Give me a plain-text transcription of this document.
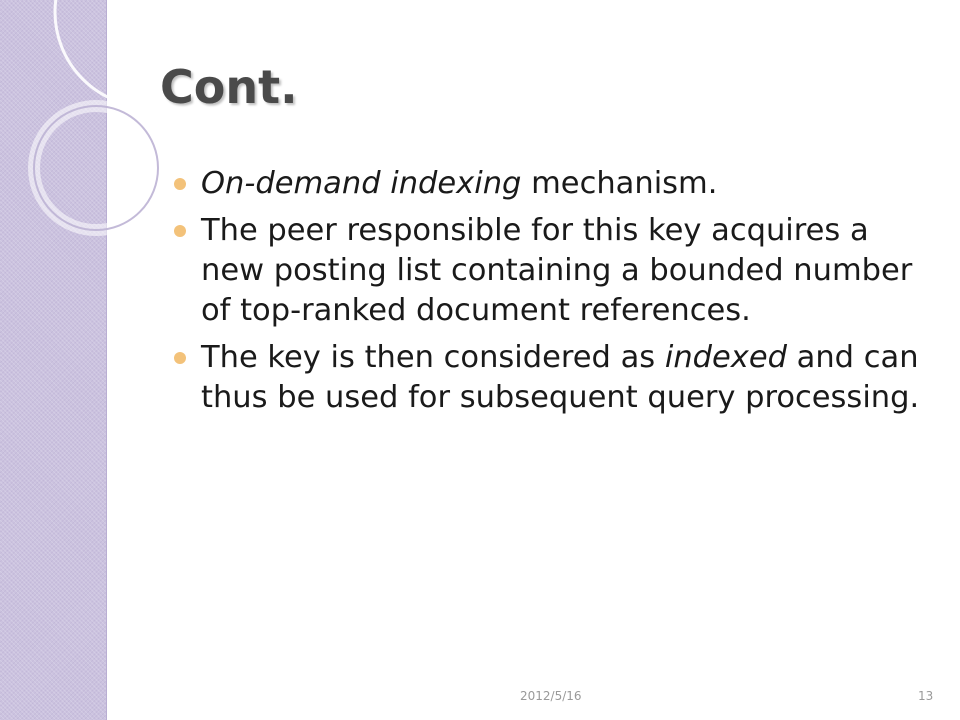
Cont.
On-demand indexing mechanism.
The peer responsible for this key acquires a new posting list containing a bounded number of top-ranked document references.
The key is then considered as indexed and can thus be used for subsequent query processing.
2012/5/16	13
